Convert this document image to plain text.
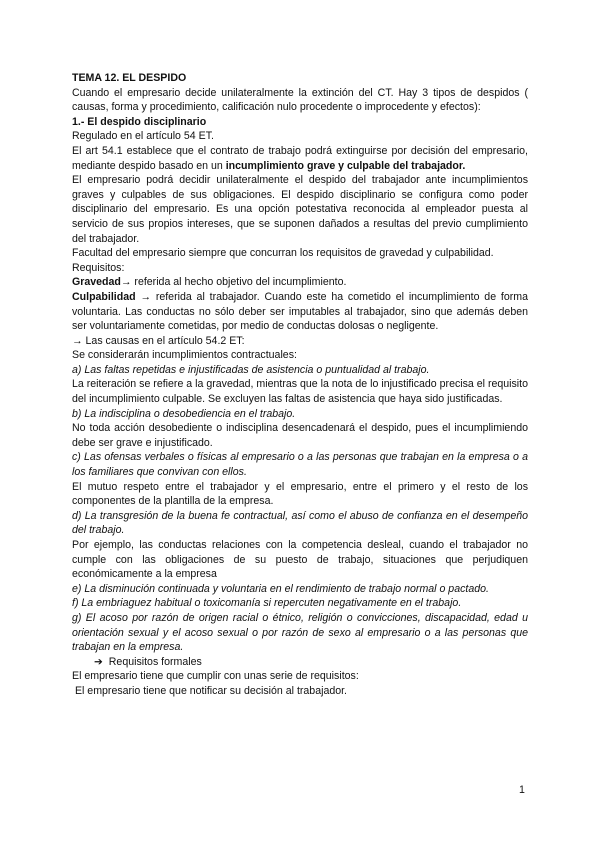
TEMA 12. EL DESPIDO

Cuando el empresario decide unilateralmente la extinción del CT. Hay 3 tipos de despidos ( causas, forma y procedimiento, calificación nulo procedente o improcedente y efectos):

1.- El despido disciplinario

Regulado en el artículo 54 ET.

El art 54.1 establece que el contrato de trabajo podrá extinguirse por decisión del empresario, mediante despido basado en un incumplimiento grave y culpable del trabajador.

El empresario podrá decidir unilateralmente el despido del trabajador ante incumplimientos graves y culpables de sus obligaciones. El despido disciplinario se configura como poder disciplinario del empresario. Es una opción potestativa reconocida al empleador puesta al servicio de sus propios intereses, que se suponen dañados a resultas del previo cumplimiento del trabajador.

Facultad del empresario siempre que concurran los requisitos de gravedad y culpabilidad.

Requisitos:

Gravedad→ referida al hecho objetivo del incumplimiento.

Culpabilidad → referida al trabajador. Cuando este ha cometido el incumplimiento de forma voluntaria. Las conductas no sólo deber ser imputables al trabajador, sino que además deben ser voluntariamente cometidas, por medio de conductas dolosas o negligente.

→ Las causas en el artículo 54.2 ET:

Se considerarán incumplimientos contractuales:

a) Las faltas repetidas e injustificadas de asistencia o puntualidad al trabajo.

La reiteración se refiere a la gravedad, mientras que la nota de lo injustificado precisa el requisito del incumplimiento culpable. Se excluyen las faltas de asistencia que haya sido justificadas.

b) La indisciplina o desobediencia en el trabajo.

No toda acción desobediente o indisciplina desencadenará el despido, pues el incumplimiendo debe ser grave e injustificado.

c) Las ofensas verbales o físicas al empresario o a las personas que trabajan en la empresa o a los familiares que convivan con ellos.

El mutuo respeto entre el trabajador y el empresario, entre el primero y el resto de los componentes de la plantilla de la empresa.

d) La transgresión de la buena fe contractual, así como el abuso de confianza en el desempeño del trabajo.

Por ejemplo, las conductas relaciones con la competencia desleal, cuando el trabajador no cumple con las obligaciones de su puesto de trabajo, situaciones que perjudiquen económicamente a la empresa

e) La disminución continuada y voluntaria en el rendimiento de trabajo normal o pactado.

f) La embriaguez habitual o toxicomanía si repercuten negativamente en el trabajo.

g) El acoso por razón de origen racial o étnico, religión o convicciones, discapacidad, edad u orientación sexual y el acoso sexual o por razón de sexo al empresario o a las personas que trabajan en la empresa.

➔ Requisitos formales

El empresario tiene que cumplir con unas serie de requisitos:

El empresario tiene que notificar su decisión al trabajador.

1
